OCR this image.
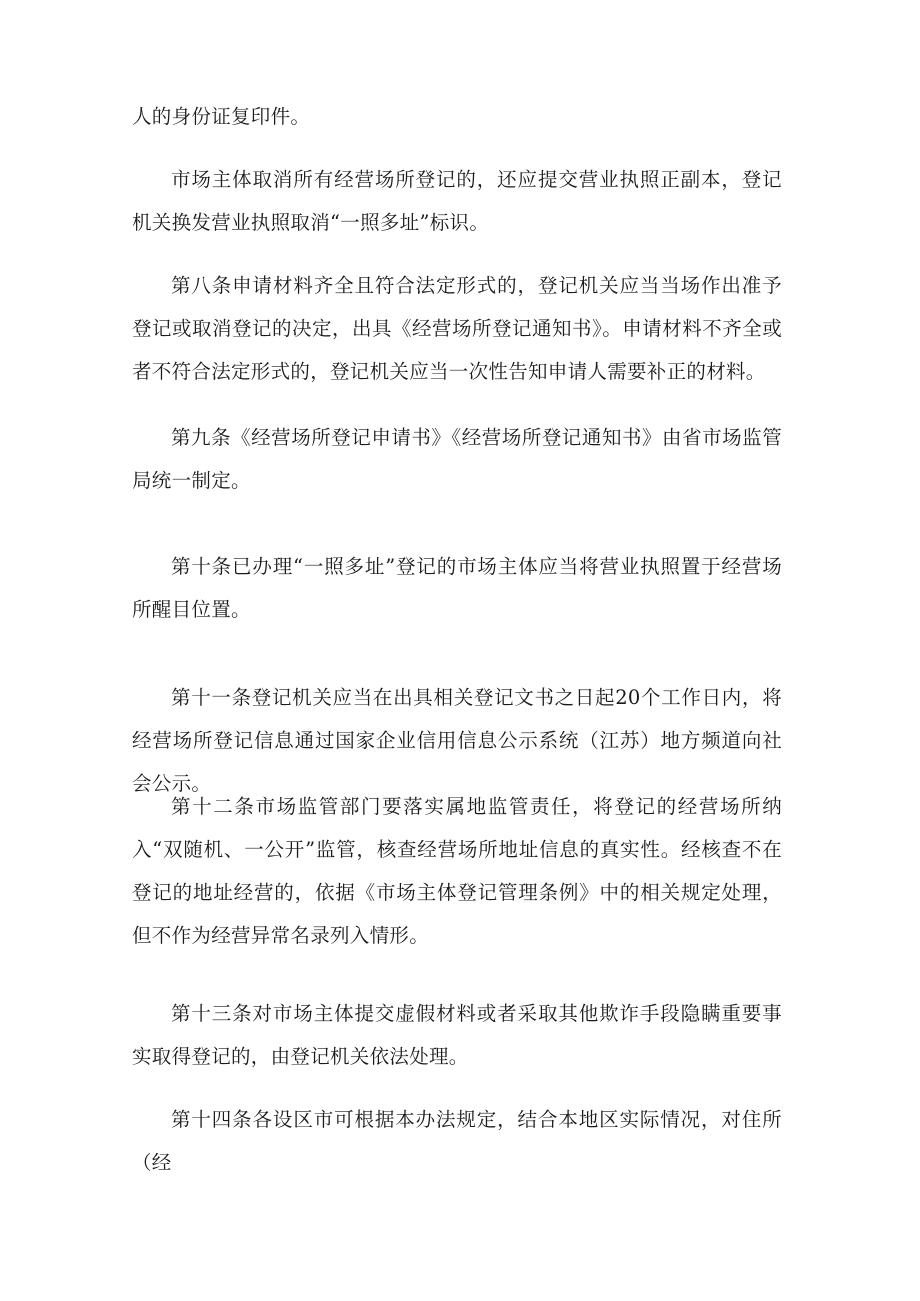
人的身份证复印件。

市场主体取消所有经营场所登记的，还应提交营业执照正副本，登记机关换发营业执照取消“一照多址”标识。

第八条申请材料齐全且符合法定形式的，登记机关应当当场作出准予登记或取消登记的决定，出具《经营场所登记通知书》。申请材料不齐全或者不符合法定形式的，登记机关应当一次性告知申请人需要补正的材料。

第九条《经营场所登记申请书》《经营场所登记通知书》由省市场监管局统一制定。

第十条已办理“一照多址”登记的市场主体应当将营业执照置于经营场所醒目位置。

第十一条登记机关应当在出具相关登记文书之日起20个工作日内，将经营场所登记信息通过国家企业信用信息公示系统（江苏）地方频道向社会公示。

第十二条市场监管部门要落实属地监管责任，将登记的经营场所纳入“双随机、一公开”监管，核查经营场所地址信息的真实性。经核查不在登记的地址经营的，依据《市场主体登记管理条例》中的相关规定处理，但不作为经营异常名录列入情形。

第十三条对市场主体提交虚假材料或者采取其他欺诈手段隐瞒重要事实取得登记的，由登记机关依法处理。

第十四条各设区市可根据本办法规定，结合本地区实际情况，对住所（经
